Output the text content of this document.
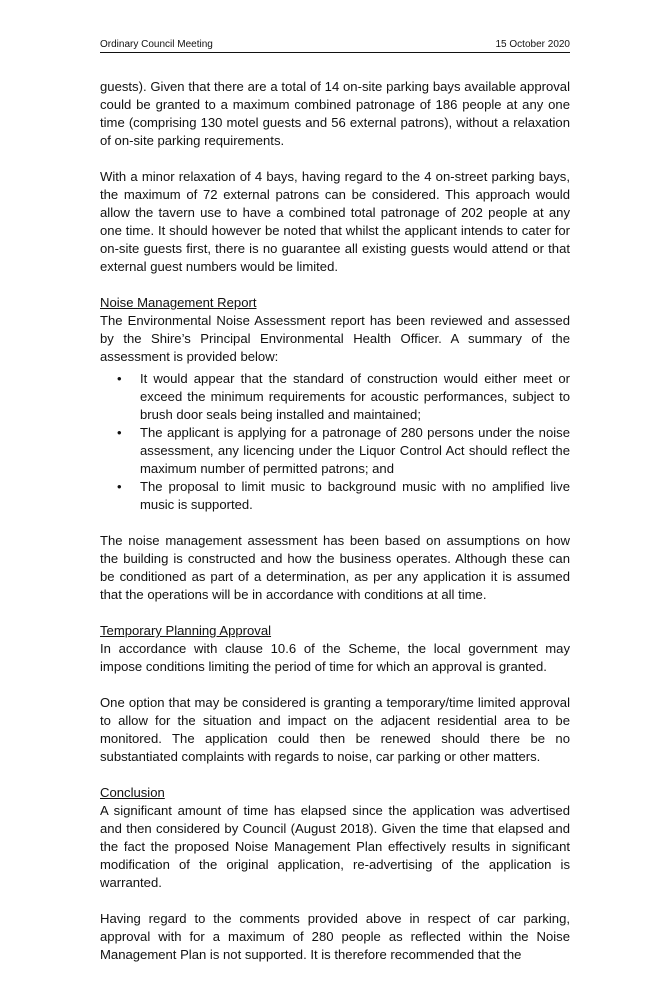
Ordinary Council Meeting	15 October 2020

guests). Given that there are a total of 14 on-site parking bays available approval could be granted to a maximum combined patronage of 186 people at any one time (comprising 130 motel guests and 56 external patrons), without a relaxation of on-site parking requirements.

With a minor relaxation of 4 bays, having regard to the 4 on-street parking bays, the maximum of 72 external patrons can be considered. This approach would allow the tavern use to have a combined total patronage of 202 people at any one time. It should however be noted that whilst the applicant intends to cater for on-site guests first, there is no guarantee all existing guests would attend or that external guest numbers would be limited.

Noise Management Report

The Environmental Noise Assessment report has been reviewed and assessed by the Shire’s Principal Environmental Health Officer. A summary of the assessment is provided below:

• It would appear that the standard of construction would either meet or exceed the minimum requirements for acoustic performances, subject to brush door seals being installed and maintained;
• The applicant is applying for a patronage of 280 persons under the noise assessment, any licencing under the Liquor Control Act should reflect the maximum number of permitted patrons; and
• The proposal to limit music to background music with no amplified live music is supported.

The noise management assessment has been based on assumptions on how the building is constructed and how the business operates. Although these can be conditioned as part of a determination, as per any application it is assumed that the operations will be in accordance with conditions at all time.

Temporary Planning Approval

In accordance with clause 10.6 of the Scheme, the local government may impose conditions limiting the period of time for which an approval is granted.

One option that may be considered is granting a temporary/time limited approval to allow for the situation and impact on the adjacent residential area to be monitored. The application could then be renewed should there be no substantiated complaints with regards to noise, car parking or other matters.

Conclusion

A significant amount of time has elapsed since the application was advertised and then considered by Council (August 2018). Given the time that elapsed and the fact the proposed Noise Management Plan effectively results in significant modification of the original application, re-advertising of the application is warranted.

Having regard to the comments provided above in respect of car parking, approval with for a maximum of 280 people as reflected within the Noise Management Plan is not supported. It is therefore recommended that the
